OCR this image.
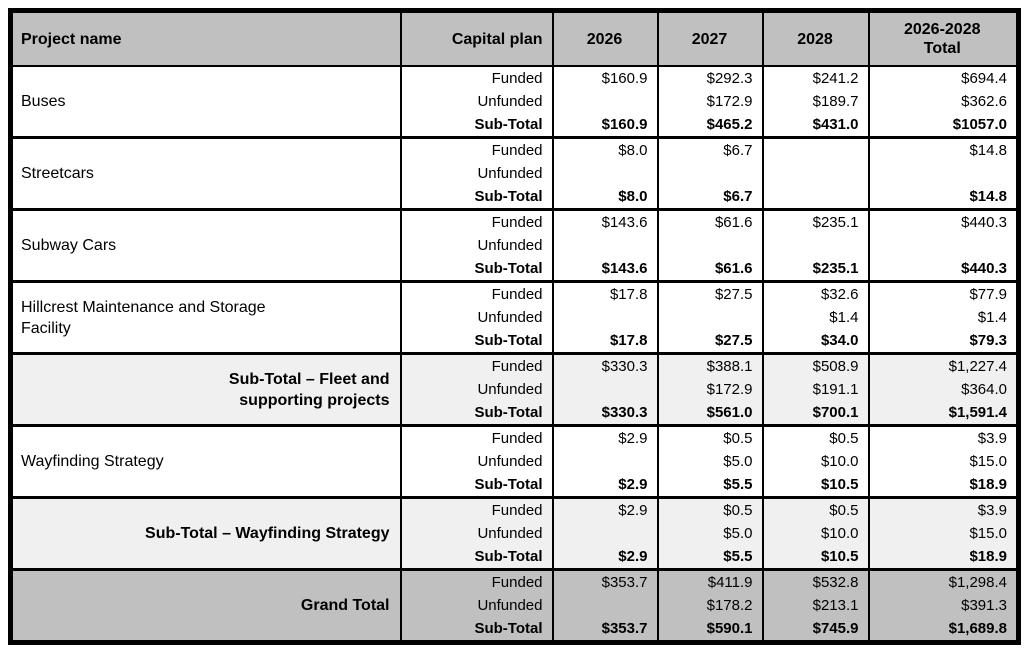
Project name	Capital plan	2026	2027	2028	2026-2028
Total
Buses	Funded	$160.9	$292.3	$241.2	$694.4
	Unfunded		$172.9	$189.7	$362.6
	Sub-Total	$160.9	$465.2	$431.0	$1057.0
Streetcars	Funded	$8.0	$6.7		$14.8
	Unfunded				
	Sub-Total	$8.0	$6.7		$14.8
Subway Cars	Funded	$143.6	$61.6	$235.1	$440.3
	Unfunded				
	Sub-Total	$143.6	$61.6	$235.1	$440.3
Hillcrest Maintenance and Storage
Facility	Funded	$17.8	$27.5	$32.6	$77.9
	Unfunded			$1.4	$1.4
	Sub-Total	$17.8	$27.5	$34.0	$79.3
Sub-Total – Fleet and
supporting projects	Funded	$330.3	$388.1	$508.9	$1,227.4
	Unfunded		$172.9	$191.1	$364.0
	Sub-Total	$330.3	$561.0	$700.1	$1,591.4
Wayfinding Strategy	Funded	$2.9	$0.5	$0.5	$3.9
	Unfunded		$5.0	$10.0	$15.0
	Sub-Total	$2.9	$5.5	$10.5	$18.9
Sub-Total – Wayfinding Strategy	Funded	$2.9	$0.5	$0.5	$3.9
	Unfunded		$5.0	$10.0	$15.0
	Sub-Total	$2.9	$5.5	$10.5	$18.9
Grand Total	Funded	$353.7	$411.9	$532.8	$1,298.4
	Unfunded		$178.2	$213.1	$391.3
	Sub-Total	$353.7	$590.1	$745.9	$1,689.8
